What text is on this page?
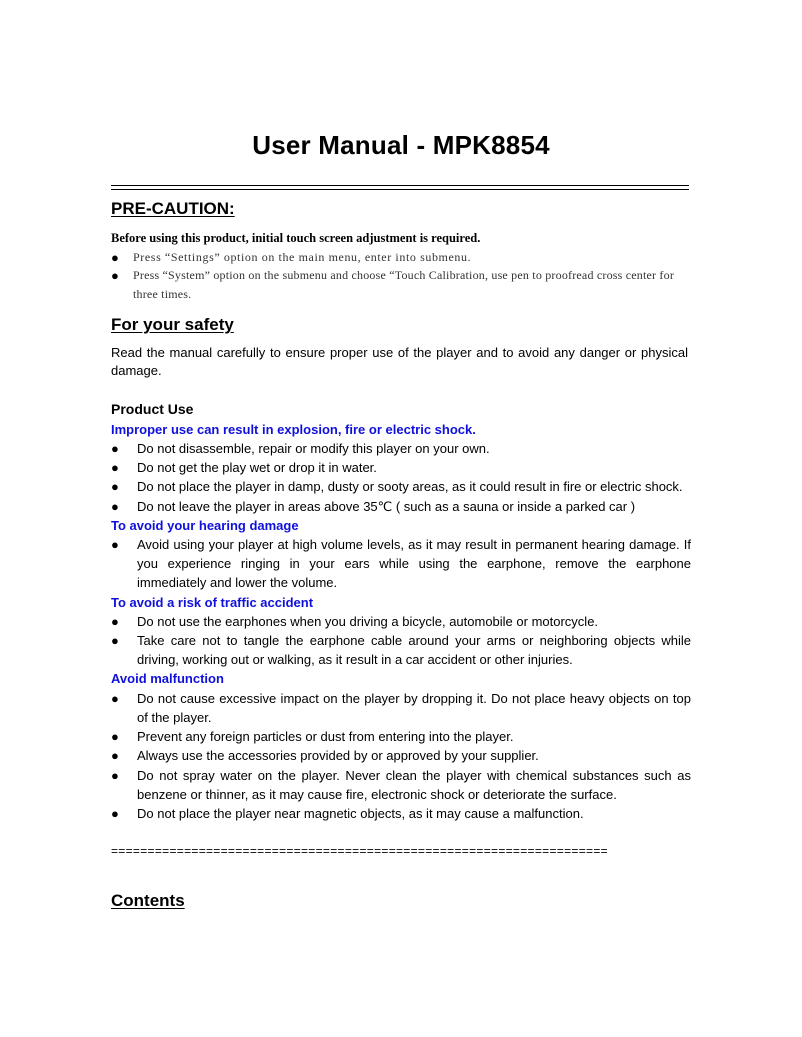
User Manual - MPK8854
PRE-CAUTION:
Before using this product, initial touch screen adjustment is required.
● Press “Settings” option on the main menu, enter into submenu.
● Press “System” option on the submenu and choose “Touch Calibration, use pen to proofread cross center for three times.
For your safety
Read the manual carefully to ensure proper use of the player and to avoid any danger or physical damage.
Product Use
Improper use can result in explosion, fire or electric shock.
● Do not disassemble, repair or modify this player on your own.
● Do not get the play wet or drop it in water.
● Do not place the player in damp, dusty or sooty areas, as it could result in fire or electric shock.
● Do not leave the player in areas above 35℃ ( such as a sauna or inside a parked car )
To avoid your hearing damage
● Avoid using your player at high volume levels, as it may result in permanent hearing damage. If you experience ringing in your ears while using the earphone, remove the earphone immediately and lower the volume.
To avoid a risk of traffic accident
● Do not use the earphones when you driving a bicycle, automobile or motorcycle.
● Take care not to tangle the earphone cable around your arms or neighboring objects while driving, working out or walking, as it result in a car accident or other injuries.
Avoid malfunction
● Do not cause excessive impact on the player by dropping it. Do not place heavy objects on top of the player.
● Prevent any foreign particles or dust from entering into the player.
● Always use the accessories provided by or approved by your supplier.
● Do not spray water on the player. Never clean the player with chemical substances such as benzene or thinner, as it may cause fire, electronic shock or deteriorate the surface.
● Do not place the player near magnetic objects, as it may cause a malfunction.
====================================================================
Contents
